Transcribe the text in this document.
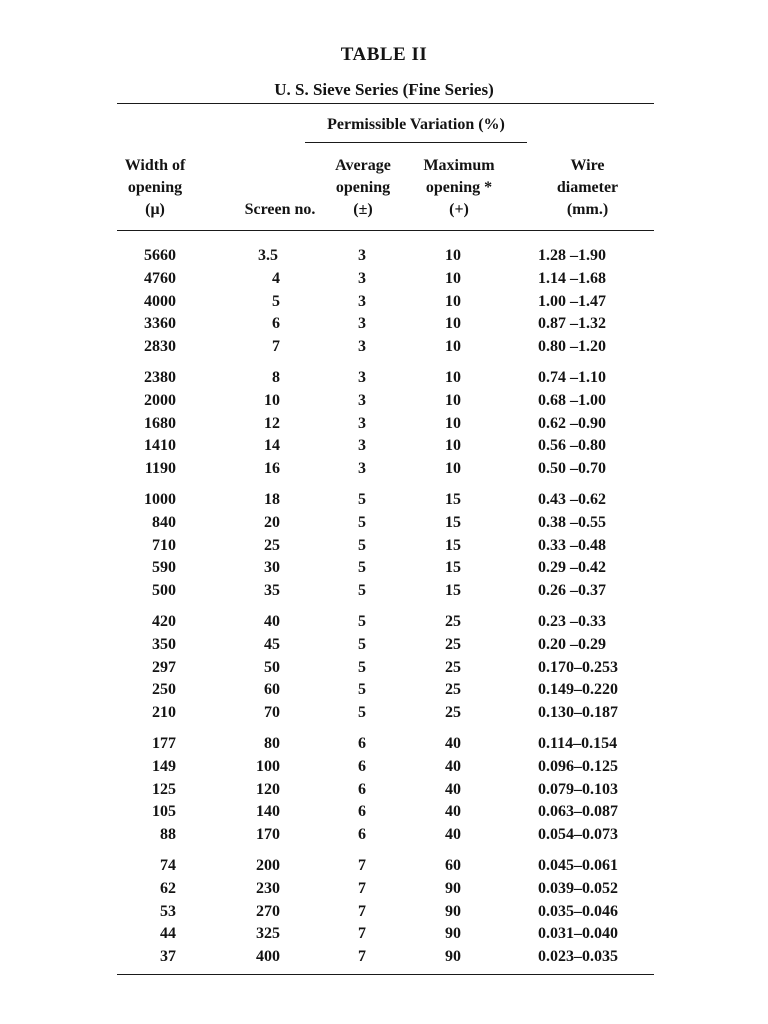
TABLE II
U. S. Sieve Series (Fine Series)
Permissible Variation (%)
Width of
opening
(μ)	Screen no.
Average
opening
(±)
Maximum
opening *
(+)
Wire
diameter
(mm.)
5660	3.5	3	10	1.28 –1.90
4760	4	3	10	1.14 –1.68
4000	5	3	10	1.00 –1.47
3360	6	3	10	0.87 –1.32
2830	7	3	10	0.80 –1.20
2380	8	3	10	0.74 –1.10
2000	10	3	10	0.68 –1.00
1680	12	3	10	0.62 –0.90
1410	14	3	10	0.56 –0.80
1190	16	3	10	0.50 –0.70
1000	18	5	15	0.43 –0.62
840	20	5	15	0.38 –0.55
710	25	5	15	0.33 –0.48
590	30	5	15	0.29 –0.42
500	35	5	15	0.26 –0.37
420	40	5	25	0.23 –0.33
350	45	5	25	0.20 –0.29
297	50	5	25	0.170–0.253
250	60	5	25	0.149–0.220
210	70	5	25	0.130–0.187
177	80	6	40	0.114–0.154
149	100	6	40	0.096–0.125
125	120	6	40	0.079–0.103
105	140	6	40	0.063–0.087
88	170	6	40	0.054–0.073
74	200	7	60	0.045–0.061
62	230	7	90	0.039–0.052
53	270	7	90	0.035–0.046
44	325	7	90	0.031–0.040
37	400	7	90	0.023–0.035
